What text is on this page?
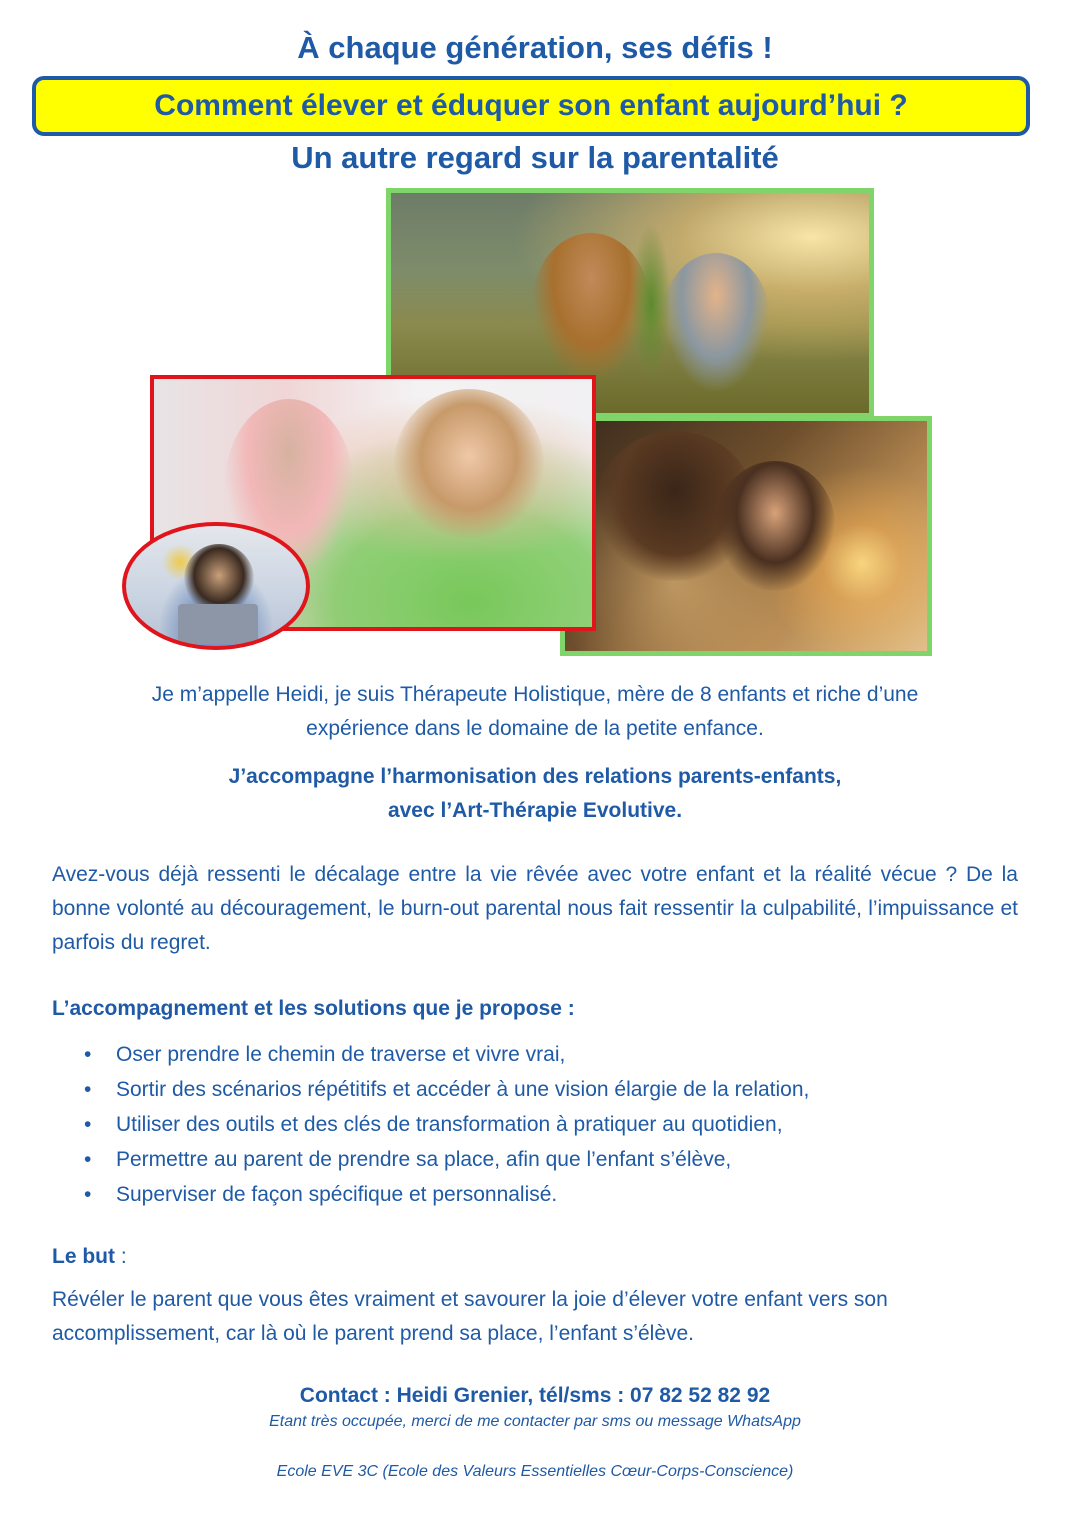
À chaque génération, ses défis !
Comment élever et éduquer son enfant aujourd’hui ?
Un autre regard sur la parentalité

Je m’appelle Heidi, je suis Thérapeute Holistique, mère de 8 enfants et riche d’une

expérience dans le domaine de la petite enfance.

J’accompagne l’harmonisation des relations parents-enfants,

avec l’Art-Thérapie Evolutive.

Avez-vous déjà ressenti le décalage entre la vie rêvée avec votre enfant et la réalité vécue ? De la bonne volonté au découragement, le burn-out parental nous fait ressentir la culpabilité, l’impuissance et parfois du regret.

L’accompagnement et les solutions que je propose :

• Oser prendre le chemin de traverse et vivre vrai,
• Sortir des scénarios répétitifs et accéder à une vision élargie de la relation,
• Utiliser des outils et des clés de transformation à pratiquer au quotidien,
• Permettre au parent de prendre sa place, afin que l’enfant s’élève,
• Superviser de façon spécifique et personnalisé.

Le but :

Révéler le parent que vous êtes vraiment et savourer la joie d’élever votre enfant vers son

accomplissement, car là où le parent prend sa place, l’enfant s’élève.

Contact : Heidi Grenier, tél/sms : 07 82 52 82 92
Etant très occupée, merci de me contacter par sms ou message WhatsApp
Ecole EVE 3C (Ecole des Valeurs Essentielles Cœur-Corps-Conscience)
